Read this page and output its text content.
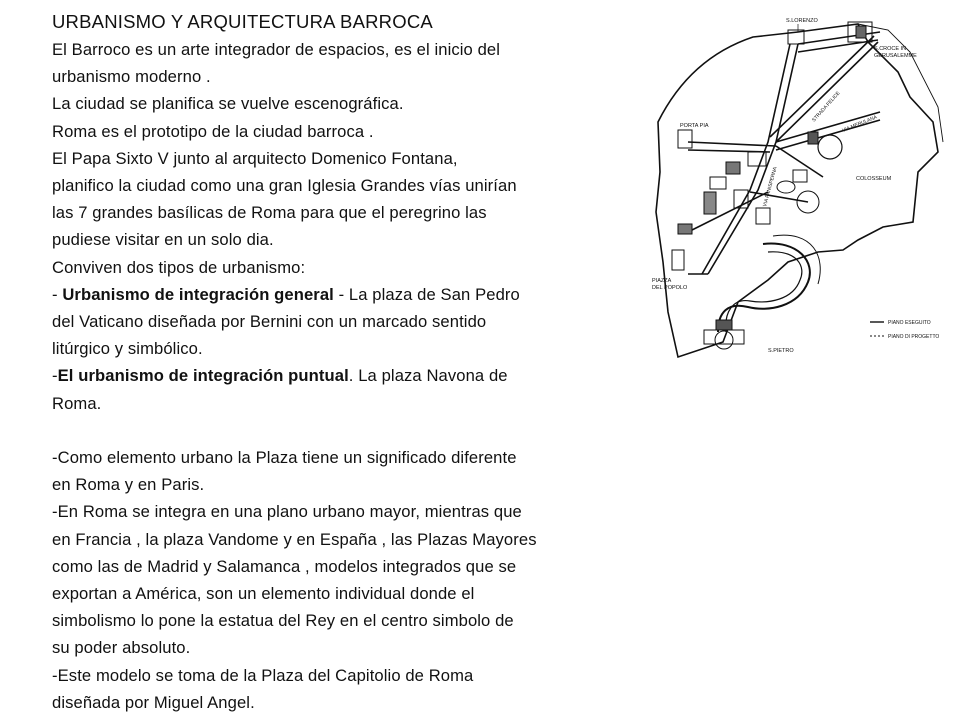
URBANISMO Y ARQUITECTURA BARROCA
El Barroco es un arte integrador de espacios, es el inicio del
urbanismo moderno .
La ciudad se planifica se vuelve escenográfica.
Roma es el prototipo de la ciudad barroca .
El Papa Sixto V junto al arquitecto Domenico Fontana,
planifico la ciudad como una gran Iglesia Grandes vías unirían
las 7 grandes basílicas de Roma para que el peregrino las
pudiese visitar en un solo dia.
Conviven dos tipos de urbanismo:
- Urbanismo de integración general - La plaza de San Pedro
del Vaticano diseñada por Bernini con un marcado sentido
litúrgico y simbólico.
-El urbanismo de integración puntual. La plaza Navona de
Roma.
-Como elemento urbano la Plaza tiene un significado diferente
en Roma y en Paris.
-En Roma se integra en una plano urbano mayor, mientras que
en Francia , la plaza Vandome y en España , las Plazas Mayores
como las de Madrid y Salamanca , modelos integrados que se
exportan a América, son un elemento individual donde el
simbolismo lo pone la estatua del Rey en el centro simbolo de
su poder absoluto.
-Este modelo se toma de la Plaza del Capitolio de Roma
diseñada por Miguel Angel.
S.LORENZO
S.CROCE IN
GERUSALEMME
PORTA PIA
COLOSSEUM
PIAZZA
DEL POPOLO
S.PIETRO
STRADA FELICE
VIA MERULANA
VIA PANISPERNA
PIANO ESEGUITO
PIANO DI PROGETTO
